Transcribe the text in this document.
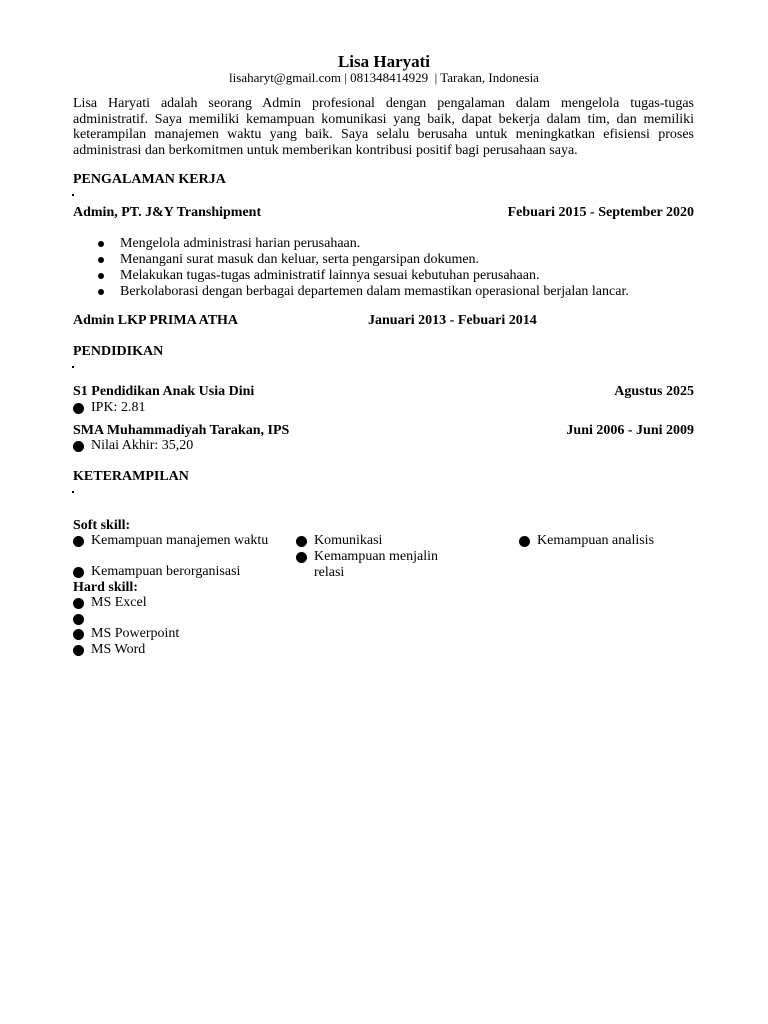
Lisa Haryati
lisaharyt@gmail.com | 081348414929  | Tarakan, Indonesia
Lisa Haryati adalah seorang Admin profesional dengan pengalaman dalam mengelola tugas-tugas administratif. Saya memiliki kemampuan komunikasi yang baik, dapat bekerja dalam tim, dan memiliki keterampilan manajemen waktu yang baik. Saya selalu berusaha untuk meningkatkan efisiensi proses administrasi dan berkomitmen untuk memberikan kontribusi positif bagi perusahaan saya.
PENGALAMAN KERJA
Admin, PT. J&Y Transhipment	Febuari 2015 - September 2020
Mengelola administrasi harian perusahaan.
Menangani surat masuk dan keluar, serta pengarsipan dokumen.
Melakukan tugas-tugas administratif lainnya sesuai kebutuhan perusahaan.
Berkolaborasi dengan berbagai departemen dalam memastikan operasional berjalan lancar.
Admin LKP PRIMA ATHA	Januari 2013 - Febuari 2014
PENDIDIKAN
S1 Pendidikan Anak Usia Dini	Agustus 2025
IPK: 2.81
SMA Muhammadiyah Tarakan, IPS	Juni 2006 - Juni 2009
Nilai Akhir: 35,20
KETERAMPILAN
Soft skill:
Kemampuan manajemen waktu
Kemampuan berorganisasi
Komunikasi
Kemampuan menjalin relasi
Kemampuan analisis
Hard skill:
MS Excel
MS Powerpoint
MS Word
